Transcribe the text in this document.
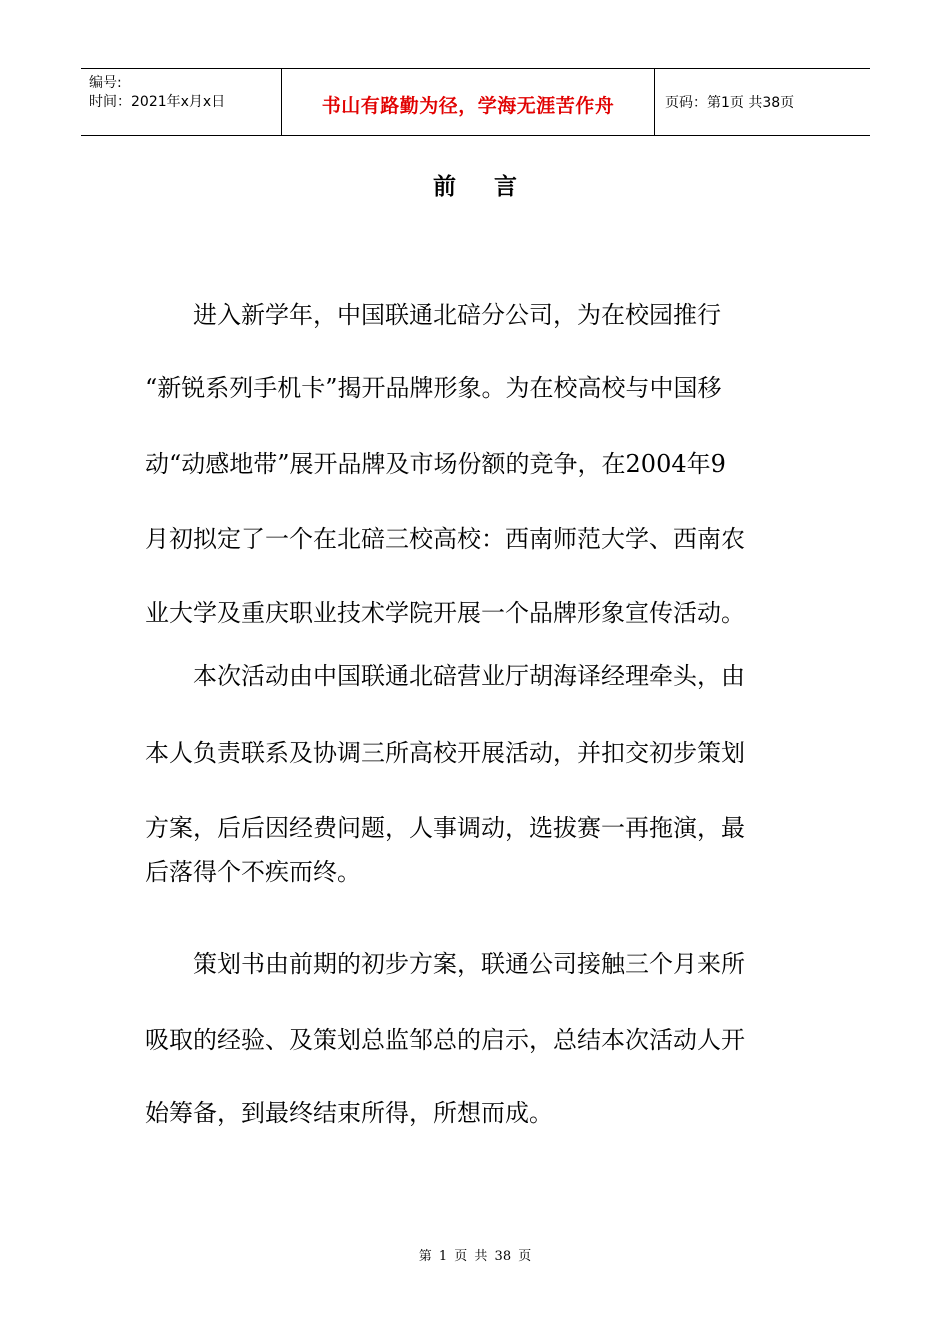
编号:
时间：2021年x月x日	书山有路勤为径，学海无涯苦作舟	页码：第1页 共38页
前言
进入新学年，中国联通北碚分公司，为在校园推行
“新锐系列手机卡”揭开品牌形象。为在校高校与中国移
动“动感地带”展开品牌及市场份额的竞争，在2004年9
月初拟定了一个在北碚三校高校：西南师范大学、西南农
业大学及重庆职业技术学院开展一个品牌形象宣传活动。
本次活动由中国联通北碚营业厅胡海译经理牵头，由
本人负责联系及协调三所高校开展活动，并扣交初步策划
方案，后后因经费问题，人事调动，选拔赛一再拖演，最
后落得个不疾而终。
策划书由前期的初步方案，联通公司接触三个月来所
吸取的经验、及策划总监邹总的启示，总结本次活动人开
始筹备，到最终结束所得，所想而成。
第 1 页 共 38 页
